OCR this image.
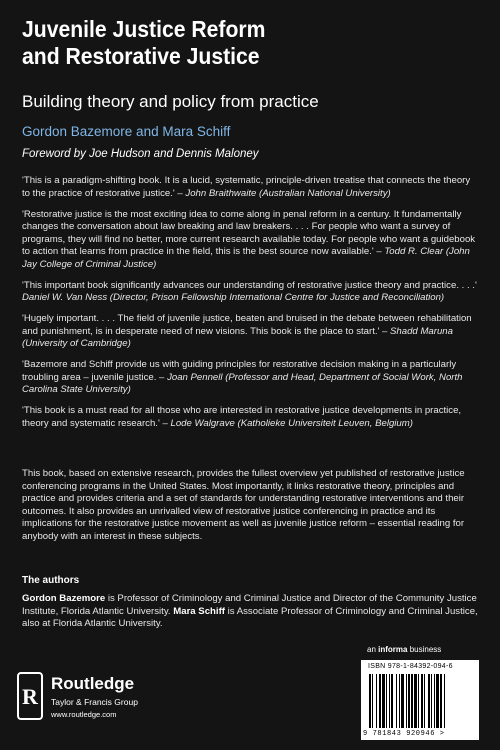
Juvenile Justice Reform
and Restorative Justice
Building theory and policy from practice
Gordon Bazemore and Mara Schiff
Foreword by Joe Hudson and Dennis Maloney

'This is a paradigm-shifting book. It is a lucid, systematic, principle-driven treatise that connects the theory to the practice of restorative justice.' – John Braithwaite (Australian National University)

'Restorative justice is the most exciting idea to come along in penal reform in a century. It fundamentally changes the conversation about law breaking and law breakers. . . . For people who want a survey of programs, they will find no better, more current research available today. For people who want a guidebook to action that learns from practice in the field, this is the best source now available.' – Todd R. Clear (John Jay College of Criminal Justice)

'This important book significantly advances our understanding of restorative justice theory and practice. . . .' Daniel W. Van Ness (Director, Prison Fellowship International Centre for Justice and Reconciliation)

'Hugely important. . . . The field of juvenile justice, beaten and bruised in the debate between rehabilitation and punishment, is in desperate need of new visions. This book is the place to start.' – Shadd Maruna (University of Cambridge)

'Bazemore and Schiff provide us with guiding principles for restorative decision making in a particularly troubling area – juvenile justice. – Joan Pennell (Professor and Head, Department of Social Work, North Carolina State University)

'This book is a must read for all those who are interested in restorative justice developments in practice, theory and systematic research.' – Lode Walgrave (Katholieke Universiteit Leuven, Belgium)

This book, based on extensive research, provides the fullest overview yet published of restorative justice conferencing programs in the United States. Most importantly, it links restorative theory, principles and practice and provides criteria and a set of standards for understanding restorative interventions and their outcomes. It also provides an unrivalled view of restorative justice conferencing in practice and its implications for the restorative justice movement as well as juvenile justice reform – essential reading for anybody with an interest in these subjects.

The authors

Gordon Bazemore is Professor of Criminology and Criminal Justice and Director of the Community Justice Institute, Florida Atlantic University. Mara Schiff is Associate Professor of Criminology and Criminal Justice, also at Florida Atlantic University.

an informa business
R
Routledge
Taylor & Francis Group
www.routledge.com
ISBN 978-1-84392-094-6
9 781843 920946 >
